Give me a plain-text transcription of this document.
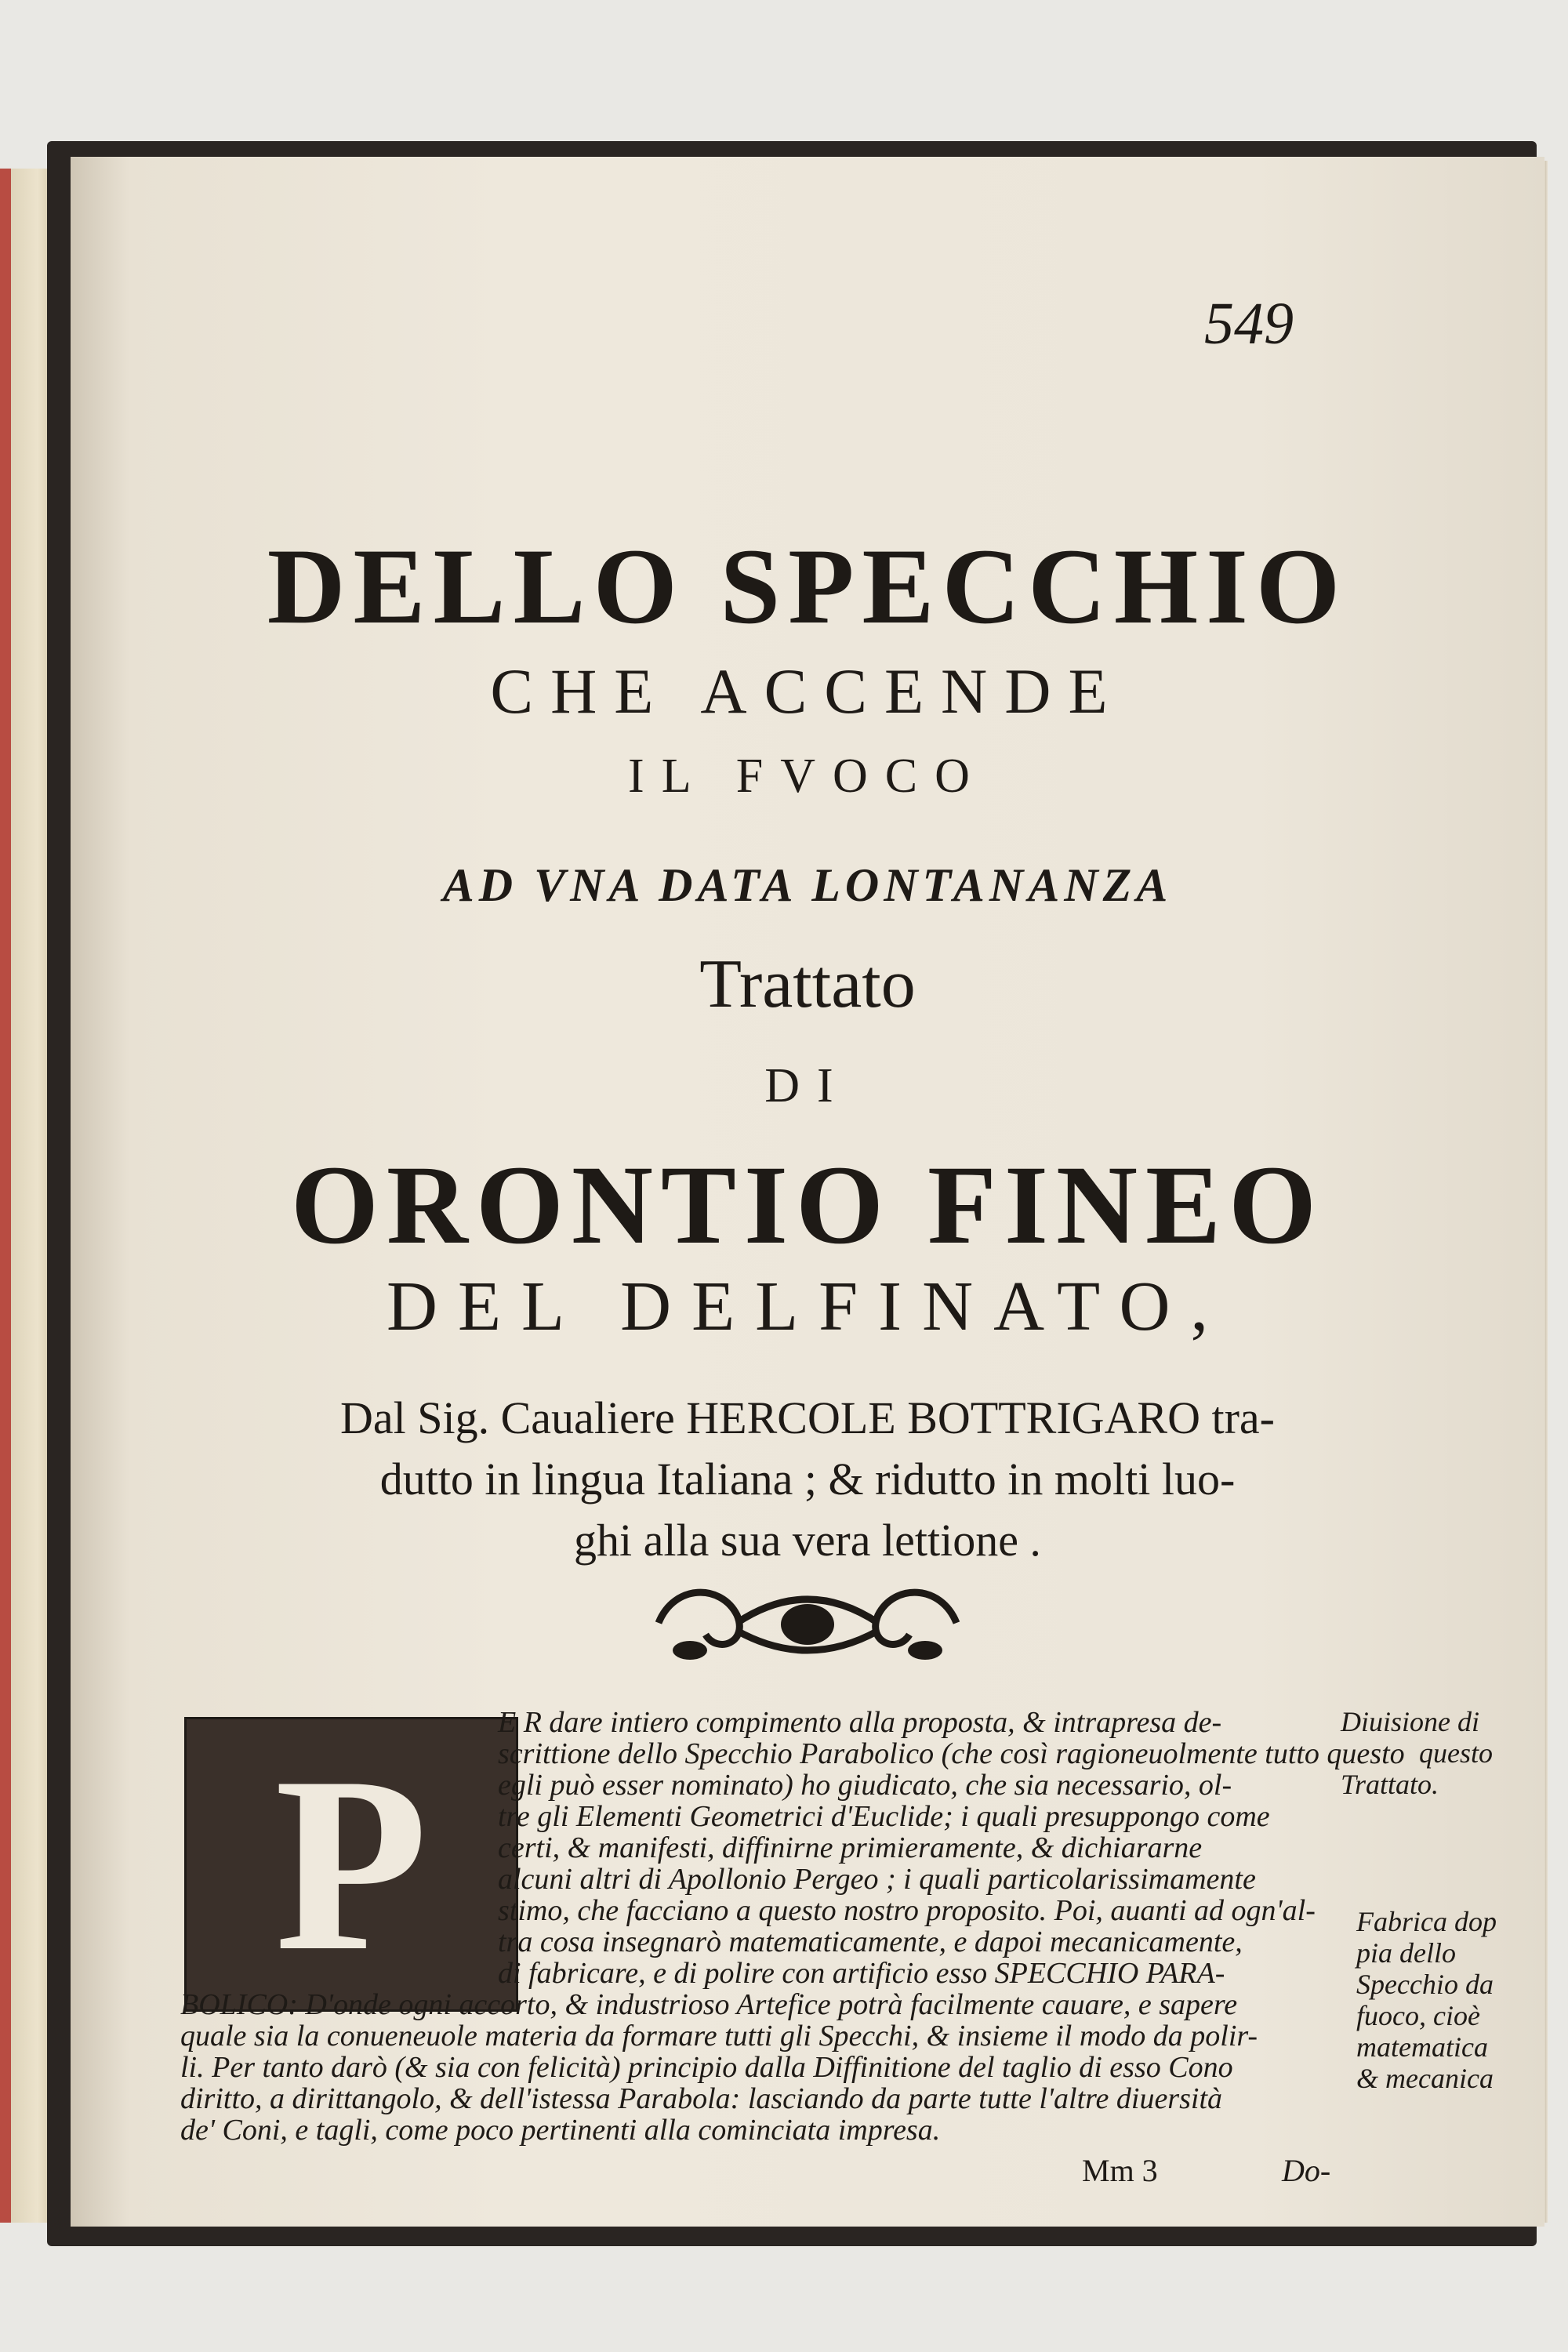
549
DELLO SPECCHIO
CHE ACCENDE
IL FVOCO
AD VNA DATA LONTANANZA
Trattato
DI
ORONTIO FINEO
DEL DELFINATO,
Dal Sig. Caualiere HERCOLE BOTTRIGARO tra-
dutto in lingua Italiana ; & ridutto in molti luo-
ghi alla sua vera lettione .
P
E R dare intiero compimento alla proposta, & intrapresa de-
scrittione dello Specchio Parabolico (che così ragioneuolmente tutto questo
egli può esser nominato) ho giudicato, che sia necessario, ol-
tre gli Elementi Geometrici d'Euclide; i quali presuppongo come
certi, & manifesti, diffinirne primieramente, & dichiararne
alcuni altri di Apollonio Pergeo ; i quali particolarissimamente
stimo, che facciano a questo nostro proposito. Poi, auanti ad ogn'al-
tra cosa insegnarò matematicamente, e dapoi mecanicamente,
di fabricare, e di polire con artificio esso SPECCHIO PARA-
BOLICO: D'onde ogni accorto, & industrioso Artefice potrà facilmente cauare, e sapere
quale sia la conueneuole materia da formare tutti gli Specchi, & insieme il modo da polir-
li. Per tanto darò (& sia con felicità) principio dalla Diffinitione del taglio di esso Cono
diritto, a dirittangolo, & dell'istessa Parabola: lasciando da parte tutte l'altre diuersità
de' Coni, e tagli, come poco pertinenti alla cominciata impresa.
Diuisione di
questo
Trattato.
Fabrica dop
pia dello
Specchio da
fuoco, cioè
matematica
& mecanica
Mm 3	Do-
